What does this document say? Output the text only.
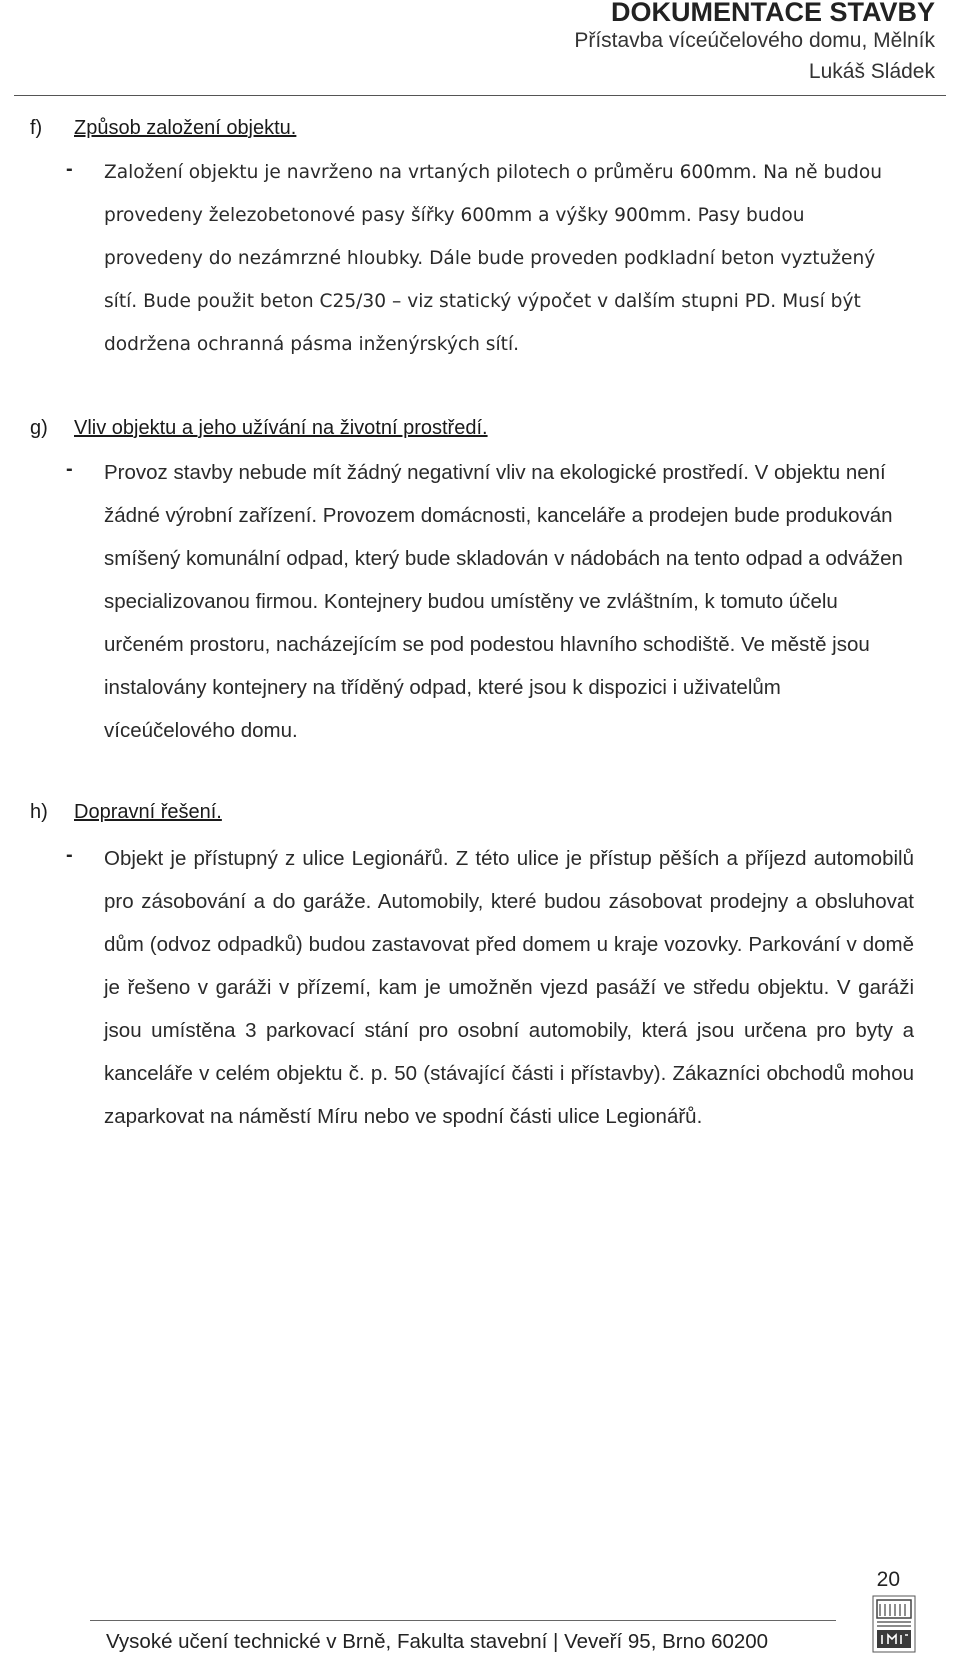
DOKUMENTACE STAVBY
Přístavba víceúčelového domu, Mělník
Lukáš Sládek
f) Způsob založení objektu.
- Založení objektu je navrženo na vrtaných pilotech o průměru 600mm. Na ně budou provedeny železobetonové pasy šířky 600mm a výšky 900mm. Pasy budou provedeny do nezámrzné hloubky. Dále bude proveden podkladní beton vyztužený sítí. Bude použit beton C25/30 – viz statický výpočet v dalším stupni PD. Musí být dodržena ochranná pásma inženýrských sítí.
g) Vliv objektu a jeho užívání na životní prostředí.
- Provoz stavby nebude mít žádný negativní vliv na ekologické prostředí. V objektu není žádné výrobní zařízení. Provozem domácnosti, kanceláře a prodejen bude produkován smíšený komunální odpad, který bude skladován v nádobách na tento odpad a odvážen specializovanou firmou. Kontejnery budou umístěny ve zvláštním, k tomuto účelu určeném prostoru, nacházejícím se pod podestou hlavního schodiště. Ve městě jsou instalovány kontejnery na tříděný odpad, které jsou k dispozici i uživatelům víceúčelového domu.
h) Dopravní řešení.
- Objekt je přístupný z ulice Legionářů. Z této ulice je přístup pěších a příjezd automobilů pro zásobování a do garáže. Automobily, které budou zásobovat prodejny a obsluhovat dům (odvoz odpadků) budou zastavovat před domem u kraje vozovky. Parkování v domě je řešeno v garáži v přízemí, kam je umožněn vjezd pasáží ve středu objektu. V garáži jsou umístěna 3 parkovací stání pro osobní automobily, která jsou určena pro byty a kanceláře v celém objektu č. p. 50 (stávající části i přístavby). Zákazníci obchodů mohou zaparkovat na náměstí Míru nebo ve spodní části ulice Legionářů.
20
Vysoké učení technické v Brně, Fakulta stavební | Veveří 95, Brno 60200
